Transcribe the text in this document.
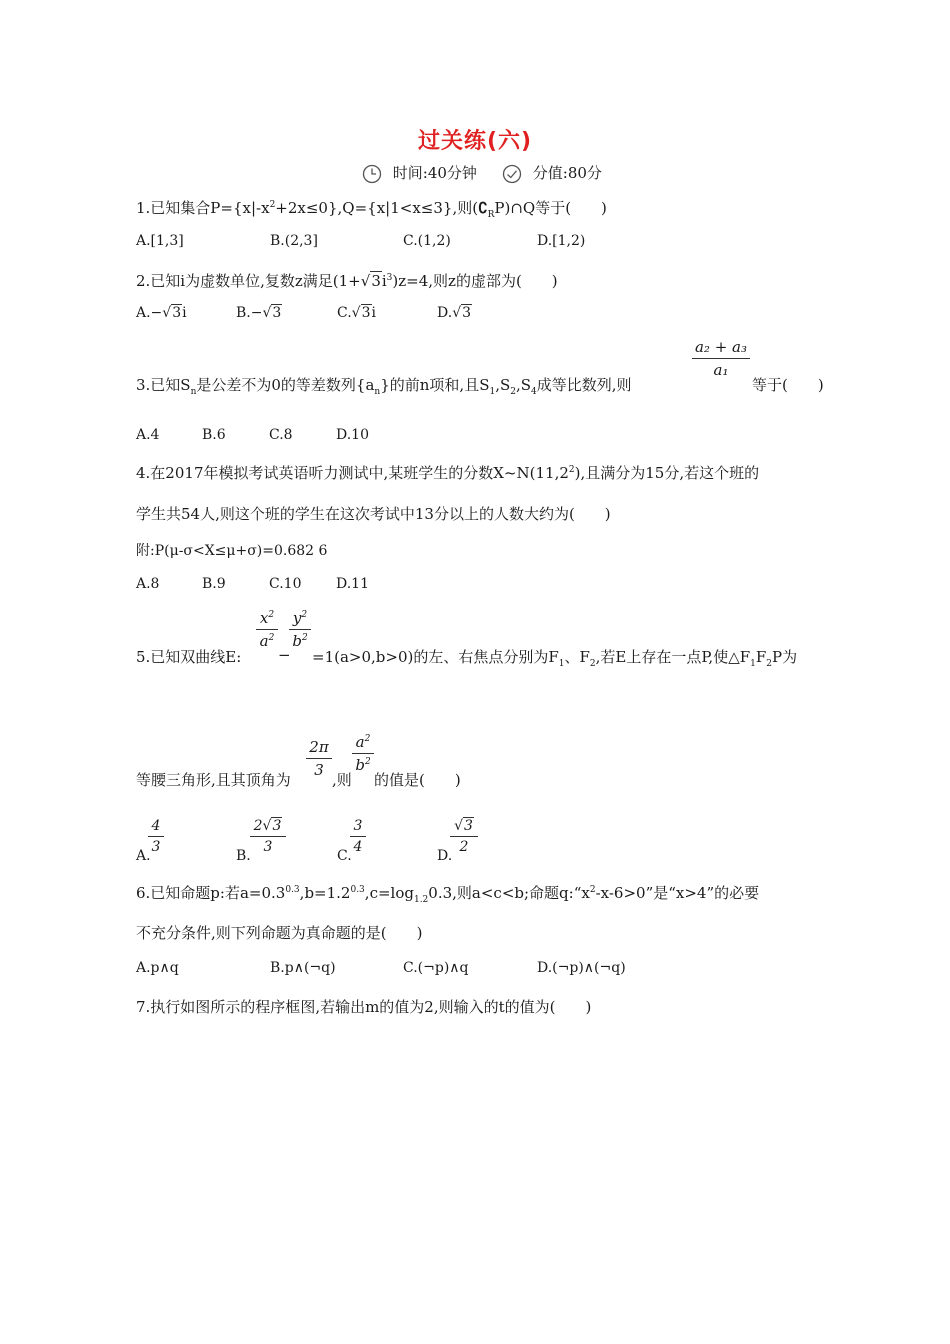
过关练(六)
时间:40分钟	分值:80分
1.已知集合$P=\{x|-x^2+2x\le 0\},Q=\{x|1<x\le 3\}$,则$(∁_RP)\cap Q$等于(　　)
A.[1,3]	B.(2,3]	C.(1,2)	D.[1,2)
2.已知i为虚数单位,复数z满足$(1+√3i^3)z=4$,则z的虚部为(　　)
A.−√3i	B.−√3	C.√3i	D.√3
a₂ + a₃
a₁
3.已知$S_n$是公差不为0的等差数列$\{a_n\}$的前n项和,且$S_1,S_2,S_4$成等比数列,则	等于(　　)
A.4	B.6	C.8	D.10
4.在2017年模拟考试英语听力测试中,某班学生的分数X~N(11,2$^2$),且满分为15分,若这个班的
学生共54人,则这个班的学生在这次考试中13分以上的人数大约为(　　)
附:P(μ-σ<X≤μ+σ)=0.682 6
A.8	B.9	C.10 D.11
5.已知双曲线E:
$x^2$
$a^2$
−
$y^2$
$b^2$
=1(a>0,b>0)的左、右焦点分别为$F_1$、$F_2$,若E上存在一点P,使$\triangle F_1F_2P$为
等腰三角形,且其顶角为
2π
3
,则
$a^2$
$b^2$
的值是(　　)
A.
4
3
B.
2√3
3
C.
3
4
D.
√3
2
6.已知命题p:若$a=0.3^{0.3},b=1.2^{0.3},c=\log_{1.2}0.3$,则a<c<b;命题$q:“x^2-x-6>0$”是“x>4”的必要
不充分条件,则下列命题为真命题的是(　　)
A.p∧q	B.p∧(¬q)	C.(¬p)∧q	D.(¬p)∧(¬q)
7.执行如图所示的程序框图,若输出m的值为2,则输入的t的值为(　　)
